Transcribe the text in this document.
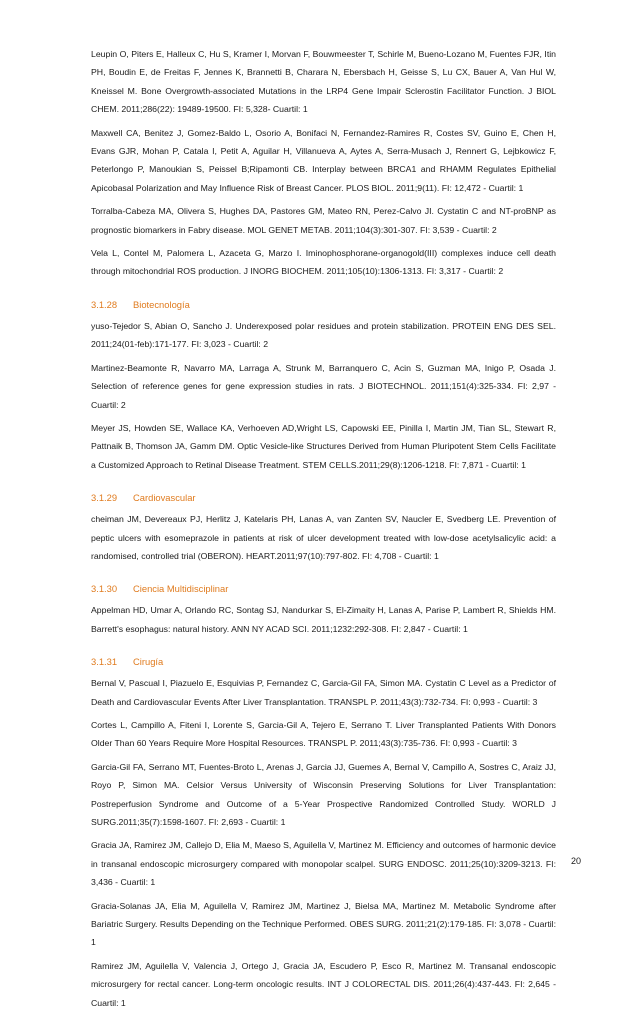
Leupin O, Piters E, Halleux C, Hu S, Kramer I, Morvan F, Bouwmeester T, Schirle M, Bueno-Lozano M, Fuentes FJR, Itin PH, Boudin E, de Freitas F, Jennes K, Brannetti B, Charara N, Ebersbach H, Geisse S, Lu CX, Bauer A, Van Hul W, Kneissel M. Bone Overgrowth-associated Mutations in the LRP4 Gene Impair Sclerostin Facilitator Function. J BIOL CHEM. 2011;286(22): 19489-19500. FI: 5,328- Cuartil: 1

Maxwell CA, Benitez J, Gomez-Baldo L, Osorio A, Bonifaci N, Fernandez-Ramires R, Costes SV, Guino E, Chen H, Evans GJR, Mohan P, Catala I, Petit A, Aguilar H, Villanueva A, Aytes A, Serra-Musach J, Rennert G, Lejbkowicz F, Peterlongo P, Manoukian S, Peissel B;Ripamonti CB. Interplay between BRCA1 and RHAMM Regulates Epithelial Apicobasal Polarization and May Influence Risk of Breast Cancer. PLOS BIOL. 2011;9(11). FI: 12,472 - Cuartil: 1

Torralba-Cabeza MA, Olivera S, Hughes DA, Pastores GM, Mateo RN, Perez-Calvo JI. Cystatin C and NT-proBNP as prognostic biomarkers in Fabry disease. MOL GENET METAB. 2011;104(3):301-307. FI: 3,539 - Cuartil: 2

Vela L, Contel M, Palomera L, Azaceta G, Marzo I. Iminophosphorane-organogold(III) complexes induce cell death through mitochondrial ROS production. J INORG BIOCHEM. 2011;105(10):1306-1313. FI: 3,317 - Cuartil: 2

3.1.28 Biotecnología

yuso-Tejedor S, Abian O, Sancho J. Underexposed polar residues and protein stabilization. PROTEIN ENG DES SEL. 2011;24(01-feb):171-177. FI: 3,023 - Cuartil: 2

Martinez-Beamonte R, Navarro MA, Larraga A, Strunk M, Barranquero C, Acin S, Guzman MA, Inigo P, Osada J. Selection of reference genes for gene expression studies in rats. J BIOTECHNOL. 2011;151(4):325-334. FI: 2,97 - Cuartil: 2

Meyer JS, Howden SE, Wallace KA, Verhoeven AD,Wright LS, Capowski EE, Pinilla I, Martin JM, Tian SL, Stewart R, Pattnaik B, Thomson JA, Gamm DM. Optic Vesicle-like Structures Derived from Human Pluripotent Stem Cells Facilitate a Customized Approach to Retinal Disease Treatment. STEM CELLS.2011;29(8):1206-1218. FI: 7,871 - Cuartil: 1

3.1.29 Cardiovascular

cheiman JM, Devereaux PJ, Herlitz J, Katelaris PH, Lanas A, van Zanten SV, Naucler E, Svedberg LE. Prevention of peptic ulcers with esomeprazole in patients at risk of ulcer development treated with low-dose acetylsalicylic acid: a randomised, controlled trial (OBERON). HEART.2011;97(10):797-802. FI: 4,708 - Cuartil: 1

3.1.30 Ciencia Multidisciplinar

Appelman HD, Umar A, Orlando RC, Sontag SJ, Nandurkar S, El-Zimaity H, Lanas A, Parise P, Lambert R, Shields HM. Barrett's esophagus: natural history. ANN NY ACAD SCI. 2011;1232:292-308. FI: 2,847 - Cuartil: 1

3.1.31 Cirugía

Bernal V, Pascual I, Piazuelo E, Esquivias P, Fernandez C, Garcia-Gil FA, Simon MA. Cystatin C Level as a Predictor of Death and Cardiovascular Events After Liver Transplantation. TRANSPL P. 2011;43(3):732-734. FI: 0,993 - Cuartil: 3

Cortes L, Campillo A, Fiteni I, Lorente S, Garcia-Gil A, Tejero E, Serrano T. Liver Transplanted Patients With Donors Older Than 60 Years Require More Hospital Resources. TRANSPL P. 2011;43(3):735-736. FI: 0,993 - Cuartil: 3

Garcia-Gil FA, Serrano MT, Fuentes-Broto L, Arenas J, Garcia JJ, Guemes A, Bernal V, Campillo A, Sostres C, Araiz JJ, Royo P, Simon MA. Celsior Versus University of Wisconsin Preserving Solutions for Liver Transplantation: Postreperfusion Syndrome and Outcome of a 5-Year Prospective Randomized Controlled Study. WORLD J SURG.2011;35(7):1598-1607. FI: 2,693 - Cuartil: 1

Gracia JA, Ramirez JM, Callejo D, Elia M, Maeso S, Aguilella V, Martinez M. Efficiency and outcomes of harmonic device in transanal endoscopic microsurgery compared with monopolar scalpel. SURG ENDOSC. 2011;25(10):3209-3213. FI: 3,436 - Cuartil: 1

Gracia-Solanas JA, Elia M, Aguilella V, Ramirez JM, Martinez J, Bielsa MA, Martinez M. Metabolic Syndrome after Bariatric Surgery. Results Depending on the Technique Performed. OBES SURG. 2011;21(2):179-185. FI: 3,078 - Cuartil: 1

Ramirez JM, Aguilella V, Valencia J, Ortego J, Gracia JA, Escudero P, Esco R, Martinez M. Transanal endoscopic microsurgery for rectal cancer. Long-term oncologic results. INT J COLORECTAL DIS. 2011;26(4):437-443. FI: 2,645 - Cuartil: 1

20
